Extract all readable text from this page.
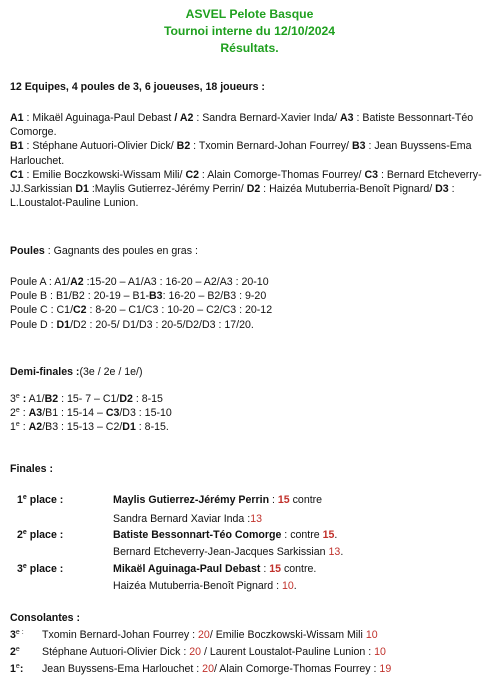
ASVEL Pelote Basque
Tournoi interne du 12/10/2024
Résultats.
12 Equipes, 4 poules de 3, 6 joueuses, 18 joueurs :
A1 : Mikaël Aguinaga-Paul Debast / A2 : Sandra Bernard-Xavier Inda/ A3 : Batiste Bessonnart-Téo Comorge.
B1 : Stéphane Autuori-Olivier Dick/ B2 : Txomin Bernard-Johan Fourrey/ B3 : Jean Buyssens-Ema Harlouchet.
C1 : Emilie Boczkowski-Wissam Mili/ C2 : Alain Comorge-Thomas Fourrey/ C3 : Bernard Etcheverry-JJ.Sarkissian D1 :Maylis Gutierrez-Jérémy Perrin/ D2 : Haizéa Mutuberria-Benoît Pignard/ D3 : L.Loustalot-Pauline Lunion.
Poules : Gagnants des poules en gras :
Poule A : A1/A2 :15-20 – A1/A3 : 16-20 – A2/A3 : 20-10
Poule B : B1/B2 : 20-19 – B1-B3: 16-20 – B2/B3 : 9-20
Poule C : C1/C2 : 8-20 – C1/C3 : 10-20 – C2/C3 : 20-12
Poule D : D1/D2 : 20-5/ D1/D3 : 20-5/D2/D3 : 17/20.
Demi-finales :(3e / 2e / 1e/)
3e : A1/B2 : 15- 7 – C1/D2 : 8-15
2e : A3/B1 : 15-14 – C3/D3 : 15-10
1e : A2/B3 : 15-13 – C2/D1 : 8-15.
Finales :
1e place :	Maylis Gutierrez-Jérémy Perrin : 15 contre
Sandra Bernard Xaviar Inda :13
2e place :	Batiste Bessonnart-Téo Comorge : contre 15.
Bernard Etcheverry-Jean-Jacques Sarkissian 13.
3e place :	Mikaël Aguinaga-Paul Debast : 15 contre.
Haizéa Mutuberria-Benoît Pignard : 10.
Consolantes :
$3^{e :}$ Txomin Bernard-Johan Fourrey : 20/ Emilie Boczkowski-Wissam Mili 10
2e Stéphane Autuori-Olivier Dick : 20 / Laurent Loustalot-Pauline Lunion : 10
1e: Jean Buyssens-Ema Harlouchet : 20/ Alain Comorge-Thomas Fourrey : 19
